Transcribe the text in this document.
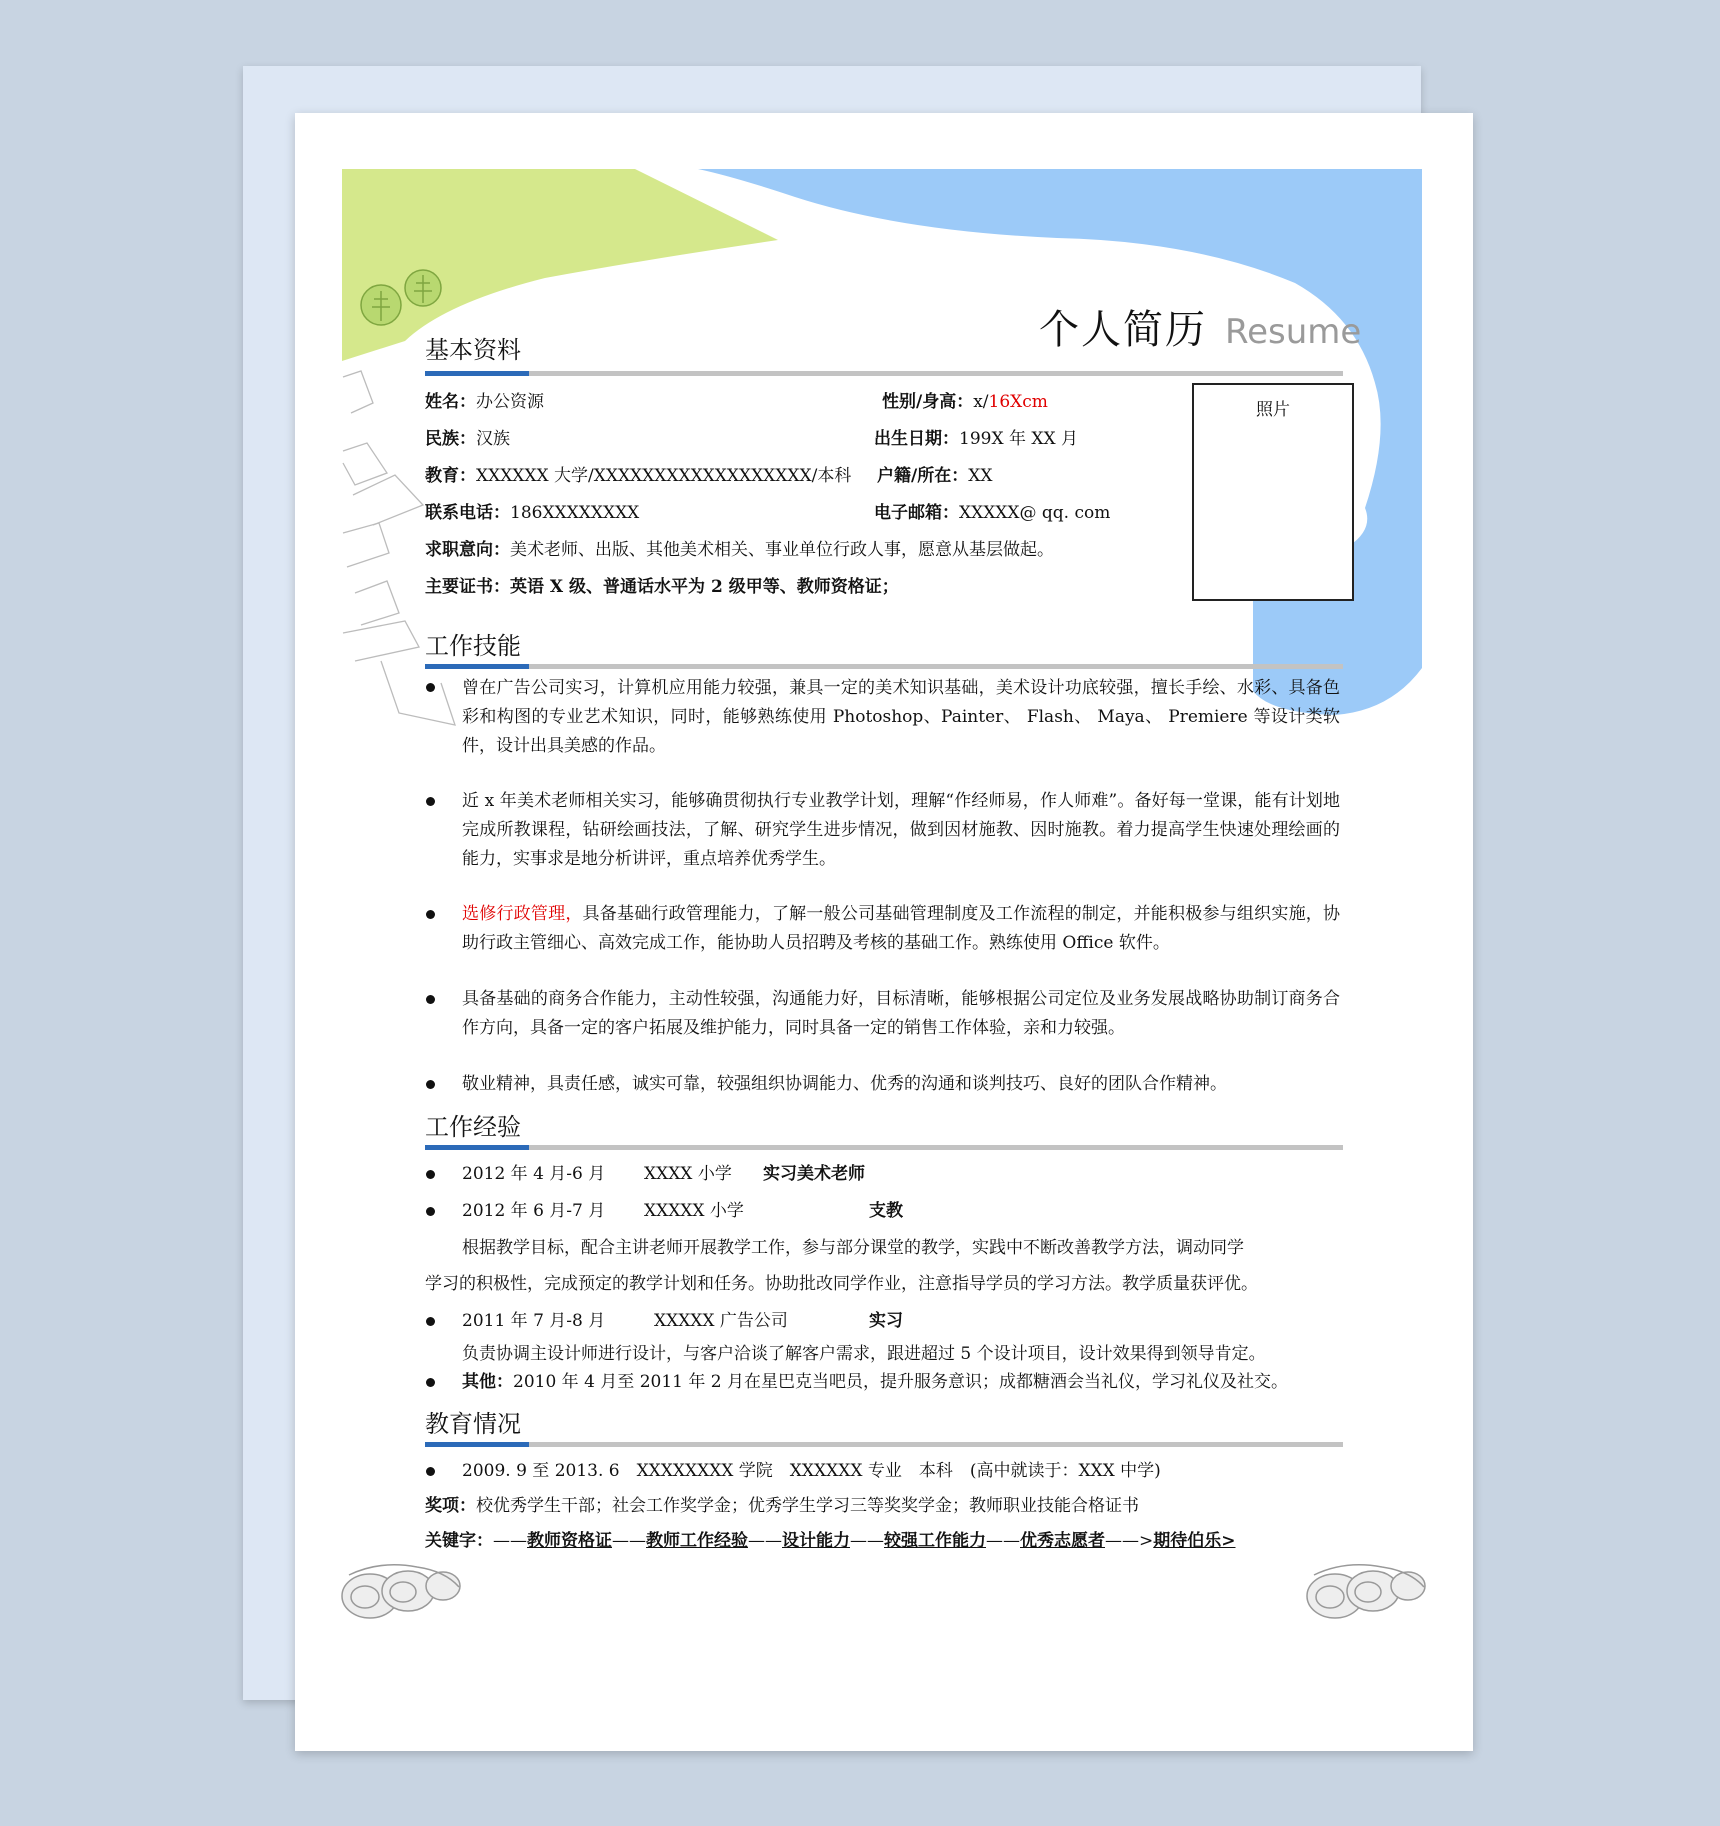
个人简历 Resume
基本资料
姓名：办公资源	性别/身高：x/16Xcm
民族：汉族	出生日期：199X 年 XX 月
教育：XXXXXX 大学/XXXXXXXXXXXXXXXXXX/本科 户籍/所在：XX
联系电话：186XXXXXXXX	电子邮箱：XXXXX@ qq. com
求职意向：美术老师、出版、其他美术相关、事业单位行政人事，愿意从基层做起。
主要证书：英语 X 级、普通话水平为 2 级甲等、教师资格证；
照片
工作技能
曾在广告公司实习，计算机应用能力较强，兼具一定的美术知识基础，美术设计功底较强，擅长手绘、水彩、具备色彩和构图的专业艺术知识，同时，能够熟练使用 Photoshop、Painter、 Flash、 Maya、 Premiere 等设计类软件，设计出具美感的作品。
近 x 年美术老师相关实习，能够确贯彻执行专业教学计划，理解“作经师易，作人师难”。备好每一堂课，能有计划地完成所教课程，钻研绘画技法，了解、研究学生进步情况，做到因材施教、因时施教。着力提高学生快速处理绘画的能力，实事求是地分析讲评，重点培养优秀学生。
选修行政管理，具备基础行政管理能力，了解一般公司基础管理制度及工作流程的制定，并能积极参与组织实施，协助行政主管细心、高效完成工作，能协助人员招聘及考核的基础工作。熟练使用 Office 软件。
具备基础的商务合作能力，主动性较强，沟通能力好，目标清晰，能够根据公司定位及业务发展战略协助制订商务合作方向，具备一定的客户拓展及维护能力，同时具备一定的销售工作体验，亲和力较强。
敬业精神，具责任感，诚实可靠，较强组织协调能力、优秀的沟通和谈判技巧、良好的团队合作精神。
工作经验
2012 年 4 月-6 月 XXXX 小学 实习美术老师
2012 年 6 月-7 月 XXXXX 小学	支教
根据教学目标，配合主讲老师开展教学工作，参与部分课堂的教学，实践中不断改善教学方法，调动同学
学习的积极性，完成预定的教学计划和任务。协助批改同学作业，注意指导学员的学习方法。教学质量获评优。
2011 年 7 月-8 月	XXXXX 广告公司	实习
负责协调主设计师进行设计，与客户洽谈了解客户需求，跟进超过 5 个设计项目，设计效果得到领导肯定。
其他：2010 年 4 月至 2011 年 2 月在星巴克当吧员，提升服务意识；成都糖酒会当礼仪，学习礼仪及社交。
教育情况
2009. 9 至 2013. 6　XXXXXXXX 学院　XXXXXX 专业　本科　(高中就读于：XXX 中学)
奖项：校优秀学生干部；社会工作奖学金；优秀学生学习三等奖奖学金；教师职业技能合格证书
关键字：——教师资格证——教师工作经验——设计能力——较强工作能力——优秀志愿者——>期待伯乐>
